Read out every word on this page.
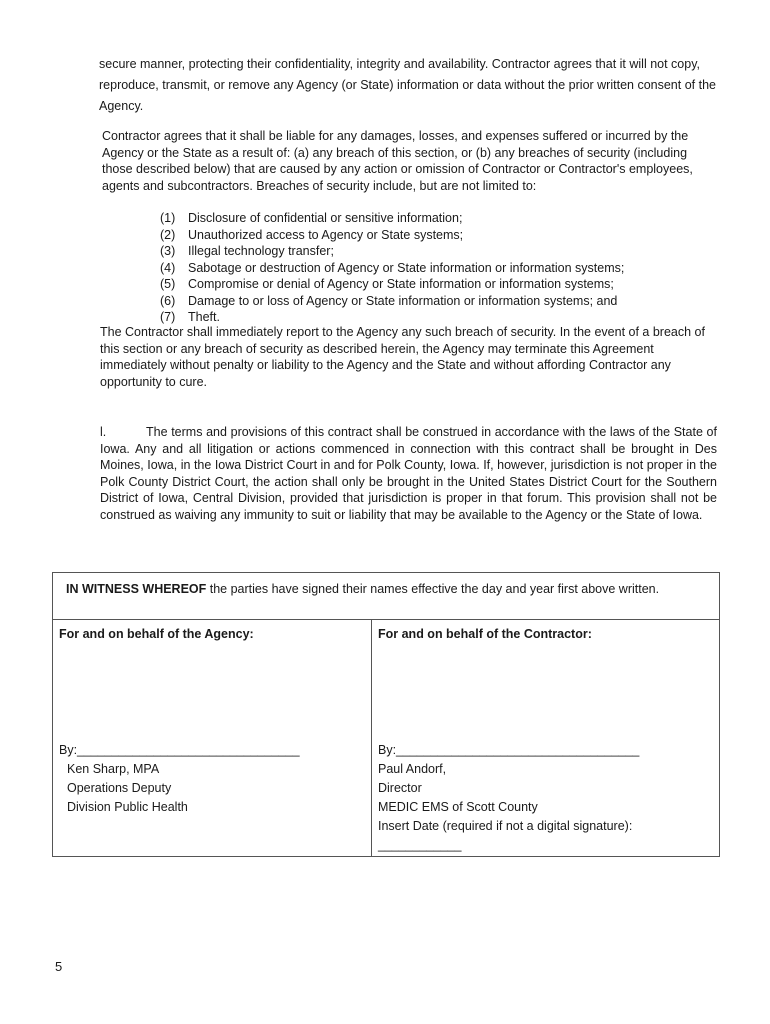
secure manner, protecting their confidentiality, integrity and availability. Contractor agrees that it will not copy, reproduce, transmit, or remove any Agency (or State) information or data without the prior written consent of the Agency.

Contractor agrees that it shall be liable for any damages, losses, and expenses suffered or incurred by the Agency or the State as a result of: (a) any breach of this section, or (b) any breaches of security (including those described below) that are caused by any action or omission of Contractor or Contractor's employees, agents and subcontractors. Breaches of security include, but are not limited to:

(1) Disclosure of confidential or sensitive information;
(2) Unauthorized access to Agency or State systems;
(3) Illegal technology transfer;
(4) Sabotage or destruction of Agency or State information or information systems;
(5) Compromise or denial of Agency or State information or information systems;
(6) Damage to or loss of Agency or State information or information systems; and
(7) Theft.

The Contractor shall immediately report to the Agency any such breach of security. In the event of a breach of this section or any breach of security as described herein, the Agency may terminate this Agreement immediately without penalty or liability to the Agency and the State and without affording Contractor any opportunity to cure.

l.	The terms and provisions of this contract shall be construed in accordance with the laws of the State of Iowa. Any and all litigation or actions commenced in connection with this contract shall be brought in Des Moines, Iowa, in the Iowa District Court in and for Polk County, Iowa. If, however, jurisdiction is not proper in the Polk County District Court, the action shall only be brought in the United States District Court for the Southern District of Iowa, Central Division, provided that jurisdiction is proper in that forum. This provision shall not be construed as waiving any immunity to suit or liability that may be available to the Agency or the State of Iowa.

IN WITNESS WHEREOF the parties have signed their names effective the day and year first above written.

For and on behalf of the Agency:

By:________________________________
Ken Sharp, MPA
Operations Deputy
Division Public Health

For and on behalf of the Contractor:

By:___________________________________
Paul Andorf,
Director
MEDIC EMS of Scott County
Insert Date (required if not a digital signature):
____________
5
